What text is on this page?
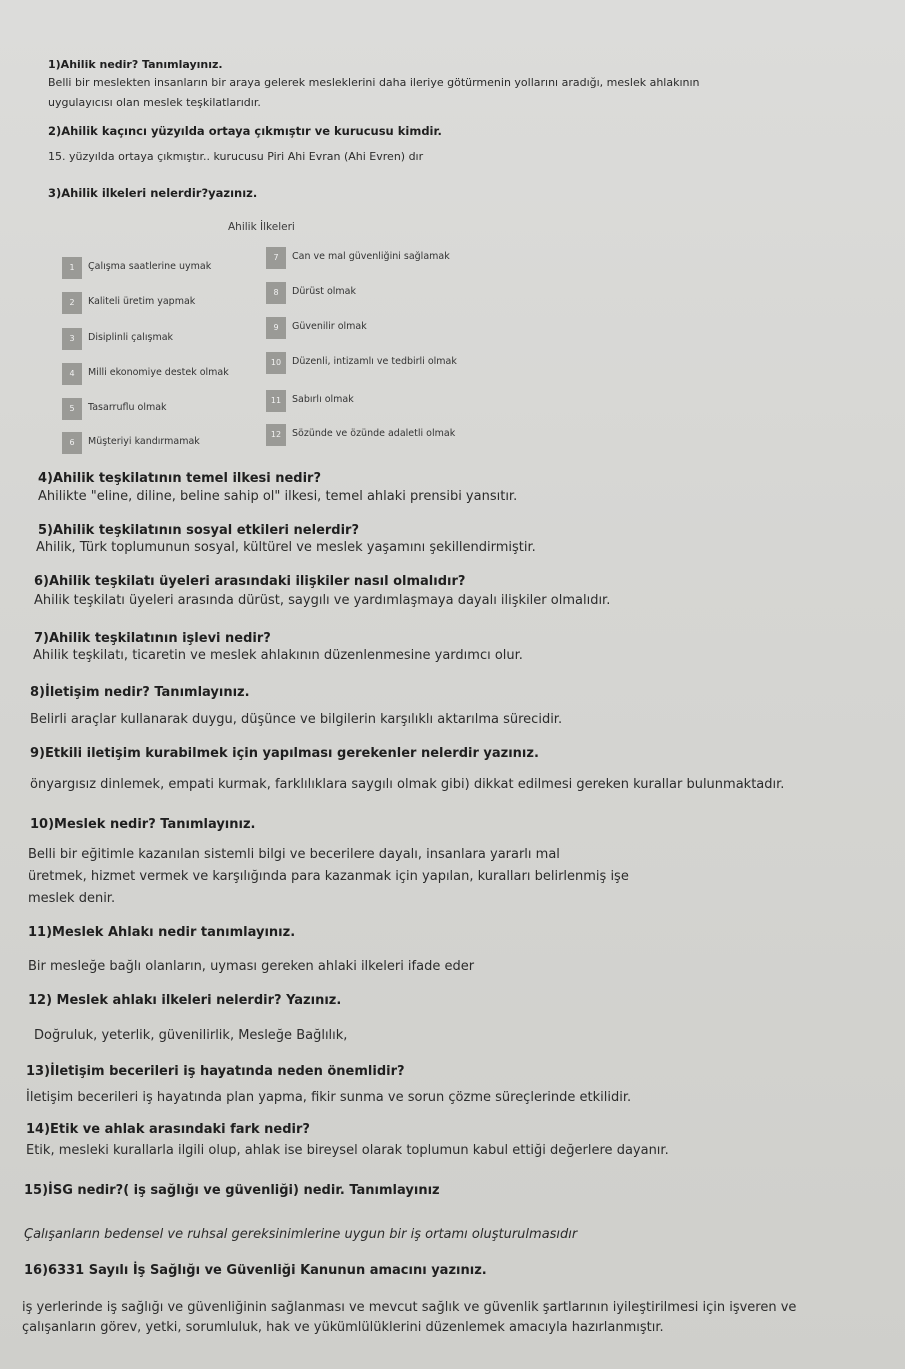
1)Ahilik nedir? Tanımlayınız.
Belli bir meslekten insanların bir araya gelerek mesleklerini daha ileriye götürmenin yollarını aradığı, meslek ahlakının
uygulayıcısı olan meslek teşkilatlarıdır.
2)Ahilik kaçıncı yüzyılda ortaya çıkmıştır ve kurucusu kimdir.
15. yüzyılda ortaya çıkmıştır.. kurucusu Piri Ahi Evran (Ahi Evren) dır
3)Ahilik ilkeleri nelerdir?yazınız.
Ahilik İlkeleri
1	Çalışma saatlerine uymak
2	Kaliteli üretim yapmak
3	Disiplinli çalışmak
4	Milli ekonomiye destek olmak
5	Tasarruflu olmak
6	Müşteriyi kandırmamak
7	Can ve mal güvenliğini sağlamak
8	Dürüst olmak
9	Güvenilir olmak
10	Düzenli, intizamlı ve tedbirli olmak
11	Sabırlı olmak
12	Sözünde ve özünde adaletli olmak
4)Ahilik teşkilatının temel ilkesi nedir?
Ahilikte "eline, diline, beline sahip ol" ilkesi, temel ahlaki prensibi yansıtır.
5)Ahilik teşkilatının sosyal etkileri nelerdir?
Ahilik, Türk toplumunun sosyal, kültürel ve meslek yaşamını şekillendirmiştir.
6)Ahilik teşkilatı üyeleri arasındaki ilişkiler nasıl olmalıdır?
Ahilik teşkilatı üyeleri arasında dürüst, saygılı ve yardımlaşmaya dayalı ilişkiler olmalıdır.
7)Ahilik teşkilatının işlevi nedir?
Ahilik teşkilatı, ticaretin ve meslek ahlakının düzenlenmesine yardımcı olur.
8)İletişim nedir? Tanımlayınız.
Belirli araçlar kullanarak duygu, düşünce ve bilgilerin karşılıklı aktarılma sürecidir.
9)Etkili iletişim kurabilmek için yapılması gerekenler nelerdir yazınız.
önyargısız dinlemek, empati kurmak, farklılıklara saygılı olmak gibi) dikkat edilmesi gereken kurallar bulunmaktadır.
10)Meslek nedir? Tanımlayınız.
Belli bir eğitimle kazanılan sistemli bilgi ve becerilere dayalı, insanlara yararlı mal
üretmek, hizmet vermek ve karşılığında para kazanmak için yapılan, kuralları belirlenmiş işe
meslek denir.
11)Meslek Ahlakı nedir tanımlayınız.
Bir mesleğe bağlı olanların, uyması gereken ahlaki ilkeleri ifade eder
12) Meslek ahlakı ilkeleri nelerdir? Yazınız.
Doğruluk, yeterlik, güvenilirlik, Mesleğe Bağlılık,
13)İletişim becerileri iş hayatında neden önemlidir?
İletişim becerileri iş hayatında plan yapma, fikir sunma ve sorun çözme süreçlerinde etkilidir.
14)Etik ve ahlak arasındaki fark nedir?
Etik, mesleki kurallarla ilgili olup, ahlak ise bireysel olarak toplumun kabul ettiği değerlere dayanır.
15)İSG nedir?( iş sağlığı ve güvenliği) nedir. Tanımlayınız
Çalışanların bedensel ve ruhsal gereksinimlerine uygun bir iş ortamı oluşturulmasıdır
16)6331 Sayılı İş Sağlığı ve Güvenliği Kanunun amacını yazınız.
iş yerlerinde iş sağlığı ve güvenliğinin sağlanması ve mevcut sağlık ve güvenlik şartlarının iyileştirilmesi için işveren ve
çalışanların görev, yetki, sorumluluk, hak ve yükümlülüklerini düzenlemek amacıyla hazırlanmıştır.
